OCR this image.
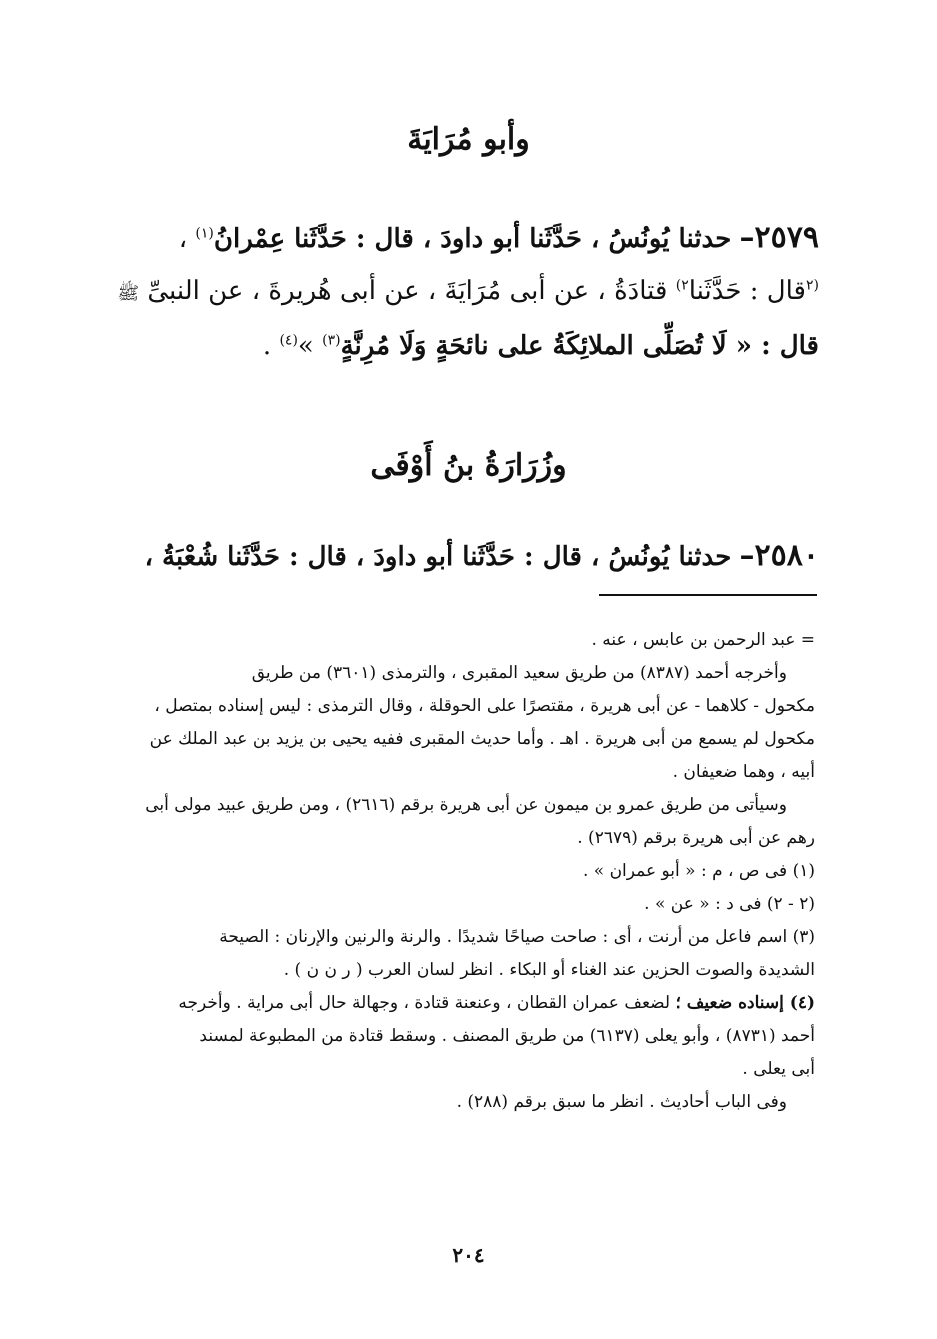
وأبو مُرَايَةَ
٢٥٧٩– حدثنا يُونُسُ ، حَدَّثَنا أبو داودَ ، قال : حَدَّثَنا عِمْرانُ$^{(١)}$ ،
$^{(٢}$قال : حَدَّثَنا$^{٢)}$ قتادَةُ ، عن أبى مُرَايَةَ ، عن أبى هُريرةَ ، عن النبىِّ ﷺ
قال : « لَا تُصَلِّى الملائِكَةُ على نائحَةٍ وَلَا مُرِنَّةٍ$^{(٣)}$ »$^{(٤)}$ .
وزُرَارَةُ بنُ أَوْفَى
٢٥٨٠– حدثنا يُونُسُ ، قال : حَدَّثَنا أبو داودَ ، قال : حَدَّثَنا شُعْبَةُ ،
= عبد الرحمن بن عابس ، عنه .
وأخرجه أحمد (٨٣٨٧) من طريق سعيد المقبرى ، والترمذى (٣٦٠١) من طريق
مكحول - كلاهما - عن أبى هريرة ، مقتصرًا على الحوقلة ، وقال الترمذى : ليس إسناده بمتصل ،
مكحول لم يسمع من أبى هريرة . اهـ . وأما حديث المقبرى ففيه يحيى بن يزيد بن عبد الملك عن
أبيه ، وهما ضعيفان .
وسيأتى من طريق عمرو بن ميمون عن أبى هريرة برقم (٢٦١٦) ، ومن طريق عبيد مولى أبى
رهم عن أبى هريرة برقم (٢٦٧٩) .
(١) فى ص ، م : « أبو عمران » .
(٢ - ٢) فى د : « عن » .
(٣) اسم فاعل من أرنت ، أى : صاحت صياحًا شديدًا . والرنة والرنين والإرنان : الصيحة
الشديدة والصوت الحزين عند الغناء أو البكاء . انظر لسان العرب ( ر ن ن ) .
(٤) إسناده ضعيف ؛ لضعف عمران القطان ، وعنعنة قتادة ، وجهالة حال أبى مراية . وأخرجه
أحمد (٨٧٣١) ، وأبو يعلى (٦١٣٧) من طريق المصنف . وسقط قتادة من المطبوعة لمسند
أبى يعلى .
وفى الباب أحاديث . انظر ما سبق برقم (٢٨٨) .
٢٠٤
